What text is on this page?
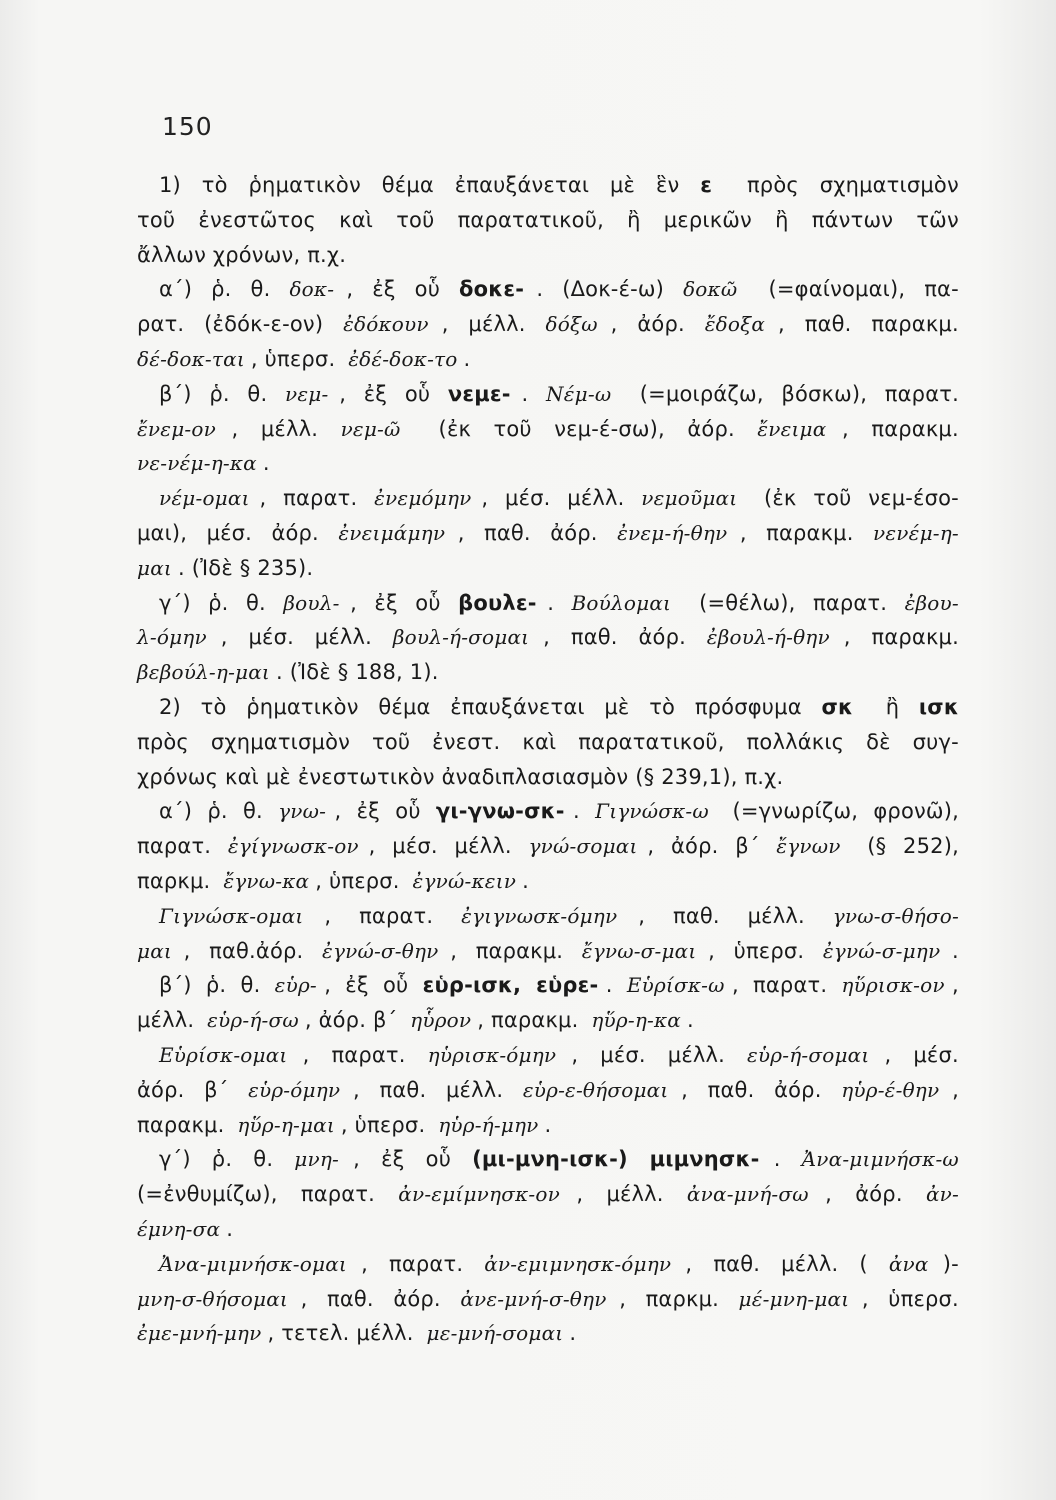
150
1) τὸ ῥηματικὸν θέμα ἐπαυξάνεται μὲ ἓν ε
πρὸς σχηματισμὸν
τοῦ ἐνεστῶτος καὶ τοῦ παρατατικοῦ, ἢ μερικῶν ἢ πάντων τῶν
ἄλλων χρόνων, π.χ.
α΄) ῥ. θ. δοκ- , ἐξ οὗ δοκε- . (Δοκ-έ-ω) δοκῶ
(=φαίνομαι), πα-
ρατ. (ἐδόκ-ε-ον) ἐδόκουν , μέλλ. δόξω , ἀόρ. ἔδοξα , παθ. παρακμ.
δέ-δοκ-ται , ὑπερσ. ἐδέ-δοκ-το .
β΄) ῥ. θ. νεμ- , ἐξ οὗ νεμε- . Νέμ-ω
(=μοιράζω, βόσκω), παρατ.
ἔνεμ-ον , μέλλ. νεμ-ῶ
(ἐκ τοῦ νεμ-έ-σω), ἀόρ. ἔνειμα , παρακμ.
νε-νέμ-η-κα .
νέμ-ομαι , παρατ. ἐνεμόμην , μέσ. μέλλ. νεμοῦμαι
(ἐκ τοῦ νεμ-έσο-
μαι), μέσ. ἀόρ. ἐνειμάμην , παθ. ἀόρ. ἐνεμ-ή-θην , παρακμ. νενέμ-η-
μαι . (Ἰδὲ § 235).
γ΄) ῥ. θ. βουλ- , ἐξ οὗ βουλε- . Βούλομαι
(=θέλω), παρατ. ἐβου-
λ-όμην , μέσ. μέλλ. βουλ-ή-σομαι , παθ. ἀόρ. ἐβουλ-ή-θην , παρακμ.
βεβούλ-η-μαι . (Ἰδὲ § 188, 1).
2) τὸ ῥηματικὸν θέμα ἐπαυξάνεται μὲ τὸ πρόσφυμα σκ
ἢ ισκ
πρὸς σχηματισμὸν τοῦ ἐνεστ. καὶ παρατατικοῦ, πολλάκις δὲ συγ-
χρόνως καὶ μὲ ἐνεστωτικὸν ἀναδιπλασιασμὸν (§ 239,1), π.χ.
α΄) ῥ. θ. γνω- , ἐξ οὗ γι-γνω-σκ- . Γιγνώσκ-ω
(=γνωρίζω, φρονῶ),
παρατ. ἐγίγνωσκ-ον , μέσ. μέλλ. γνώ-σομαι , ἀόρ. β΄ ἔγνων
(§ 252),
παρκμ. ἔγνω-κα , ὑπερσ. ἐγνώ-κειν .
Γιγνώσκ-ομαι , παρατ. ἐγιγνωσκ-όμην , παθ. μέλλ. γνω-σ-θήσο-
μαι , παθ.ἀόρ. ἐγνώ-σ-θην , παρακμ. ἔγνω-σ-μαι , ὑπερσ. ἐγνώ-σ-μην .
β΄) ῥ. θ. εὑρ- , ἐξ οὗ εὑρ-ισκ, εὑρε- . Εὑρίσκ-ω , παρατ. ηὕρισκ-ον ,
μέλλ. εὑρ-ή-σω , ἀόρ. β΄ ηὗρον , παρακμ. ηὕρ-η-κα .
Εὑρίσκ-ομαι , παρατ. ηὑρισκ-όμην , μέσ. μέλλ. εὑρ-ή-σομαι , μέσ.
ἀόρ. β΄ εὑρ-όμην , παθ. μέλλ. εὑρ-ε-θήσομαι , παθ. ἀόρ. ηὑρ-έ-θην ,
παρακμ. ηὕρ-η-μαι , ὑπερσ. ηὑρ-ή-μην .
γ΄) ῥ. θ. μνη- , ἐξ οὗ (μι-μνη-ισκ-) μιμνησκ- . Ἀνα-μιμνήσκ-ω
(=ἐνθυμίζω), παρατ. ἀν-εμίμνησκ-ον , μέλλ. ἀνα-μνή-σω , ἀόρ. ἀν-
έμνη-σα .
Ἀνα-μιμνήσκ-ομαι , παρατ. ἀν-εμιμνησκ-όμην , παθ. μέλλ. ( ἀνα )-
μνη-σ-θήσομαι , παθ. ἀόρ. ἀνε-μνή-σ-θην , παρκμ. μέ-μνη-μαι , ὑπερσ.
ἐμε-μνή-μην , τετελ. μέλλ. με-μνή-σομαι .
